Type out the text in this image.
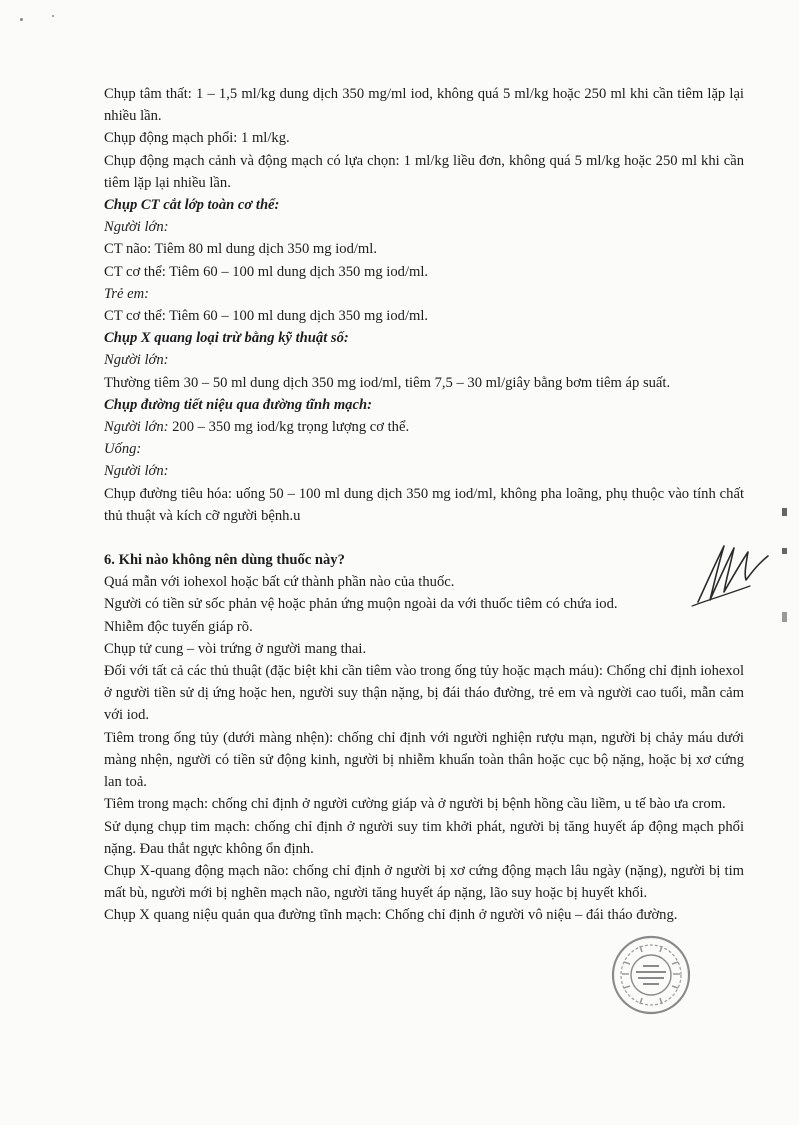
Chụp tâm thất: 1 – 1,5 ml/kg dung dịch 350 mg/ml iod, không quá 5 ml/kg hoặc 250 ml khi cần tiêm lặp lại nhiều lần.

Chụp động mạch phổi: 1 ml/kg.

Chụp động mạch cảnh và động mạch có lựa chọn: 1 ml/kg liều đơn, không quá 5 ml/kg hoặc 250 ml khi cần tiêm lặp lại nhiều lần.

Chụp CT cắt lớp toàn cơ thể:

Người lớn:

CT não: Tiêm 80 ml dung dịch 350 mg iod/ml.

CT cơ thể: Tiêm 60 – 100 ml dung dịch 350 mg iod/ml.

Trẻ em:

CT cơ thể: Tiêm 60 – 100 ml dung dịch 350 mg iod/ml.

Chụp X quang loại trừ bằng kỹ thuật số:

Người lớn:

Thường tiêm 30 – 50 ml dung dịch 350 mg iod/ml, tiêm 7,5 – 30 ml/giây bằng bơm tiêm áp suất.

Chụp đường tiết niệu qua đường tĩnh mạch:

Người lớn: 200 – 350 mg iod/kg trọng lượng cơ thể.

Uống:

Người lớn:

Chụp đường tiêu hóa: uống 50 – 100 ml dung dịch 350 mg iod/ml, không pha loãng, phụ thuộc vào tính chất thủ thuật và kích cỡ người bệnh.u

6. Khi nào không nên dùng thuốc này?

Quá mẫn với iohexol hoặc bất cứ thành phần nào của thuốc.

Người có tiền sử sốc phản vệ hoặc phản ứng muộn ngoài da với thuốc tiêm có chứa iod.

Nhiễm độc tuyến giáp rõ.

Chụp tử cung – vòi trứng ở người mang thai.

Đối với tất cả các thủ thuật (đặc biệt khi cần tiêm vào trong ống tủy hoặc mạch máu): Chống chỉ định iohexol ở người tiền sử dị ứng hoặc hen, người suy thận nặng, bị đái tháo đường, trẻ em và người cao tuổi, mẫn cảm với iod.

Tiêm trong ống tủy (dưới màng nhện): chống chỉ định với người nghiện rượu mạn, người bị chảy máu dưới màng nhện, người có tiền sử động kinh, người bị nhiễm khuẩn toàn thân hoặc cục bộ nặng, hoặc bị xơ cứng lan toả.

Tiêm trong mạch: chống chỉ định ở người cường giáp và ở người bị bệnh hồng cầu liềm, u tế bào ưa crom.

Sử dụng chụp tim mạch: chống chỉ định ở người suy tim khởi phát, người bị tăng huyết áp động mạch phổi nặng. Đau thắt ngực không ổn định.

Chụp X-quang động mạch não: chống chỉ định ở người bị xơ cứng động mạch lâu ngày (nặng), người bị tim mất bù, người mới bị nghẽn mạch não, người tăng huyết áp nặng, lão suy hoặc bị huyết khối.

Chụp X quang niệu quản qua đường tĩnh mạch: Chống chỉ định ở người vô niệu – đái tháo đường.
